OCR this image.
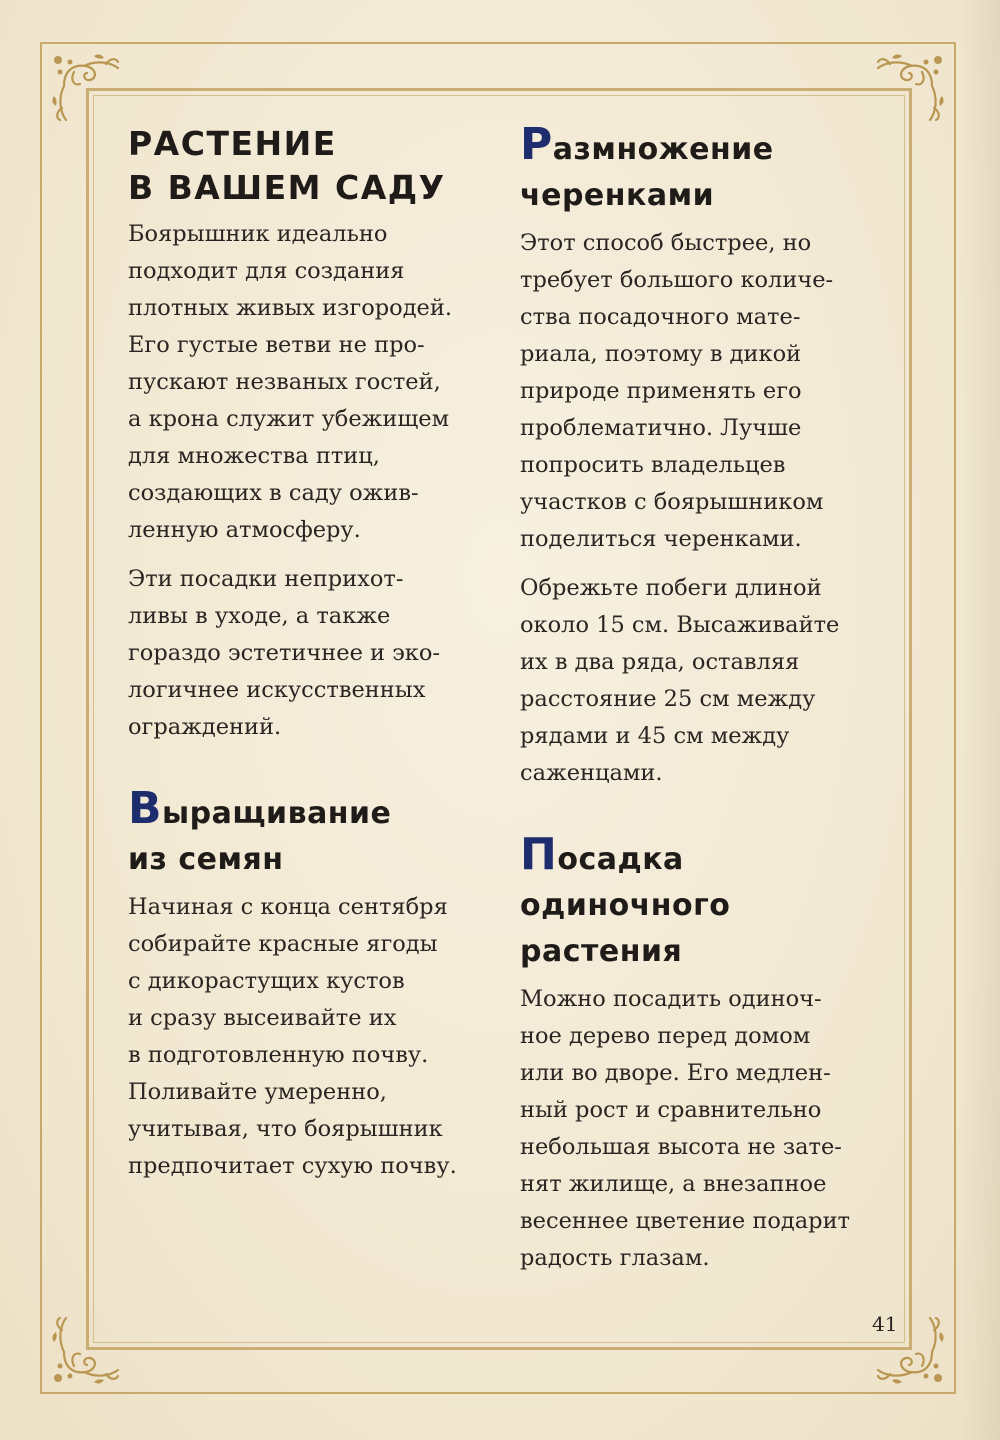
РАСТЕНИЕ
В ВАШЕМ САДУ

Боярышник идеально
подходит для создания
плотных живых изгородей.
Его густые ветви не про-
пускают незваных гостей,
а крона служит убежищем
для множества птиц,
создающих в саду ожив-
ленную атмосферу.

Эти посадки неприхот-
ливы в уходе, а также
гораздо эстетичнее и эко-
логичнее искусственных
ограждений.

Выращивание
из семян

Начиная с конца сентября
собирайте красные ягоды
с дикорастущих кустов
и сразу высеивайте их
в подготовленную почву.
Поливайте умеренно,
учитывая, что боярышник
предпочитает сухую почву.

Размножение
черенками

Этот способ быстрее, но
требует большого количе-
ства посадочного мате-
риала, поэтому в дикой
природе применять его
проблематично. Лучше
попросить владельцев
участков с боярышником
поделиться черенками.

Обрежьте побеги длиной
около 15 см. Высаживайте
их в два ряда, оставляя
расстояние 25 см между
рядами и 45 см между
саженцами.

Посадка
одиночного
растения

Можно посадить одиноч-
ное дерево перед домом
или во дворе. Его медлен-
ный рост и сравнительно
небольшая высота не зате-
нят жилище, а внезапное
весеннее цветение подарит
радость глазам.

41
